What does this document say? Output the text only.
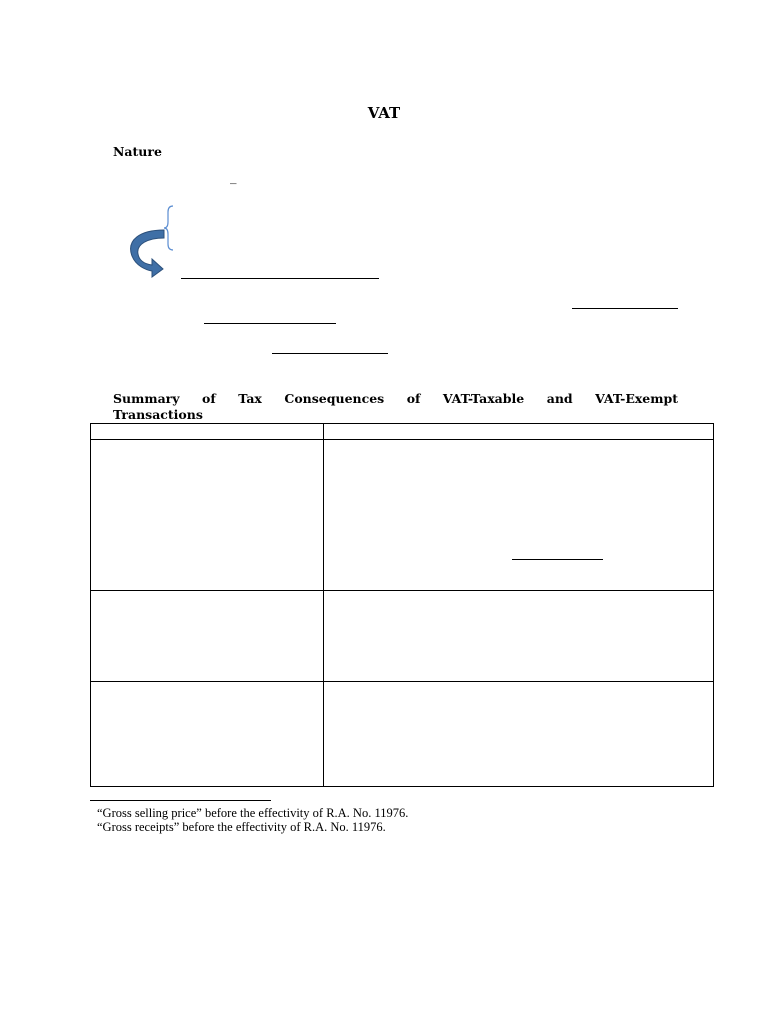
VAT
Nature
_
Summary of Tax Consequences of VAT-Taxable and VAT-Exempt
Transactions

“Gross selling price” before the effectivity of R.A. No. 11976.
“Gross receipts” before the effectivity of R.A. No. 11976.
